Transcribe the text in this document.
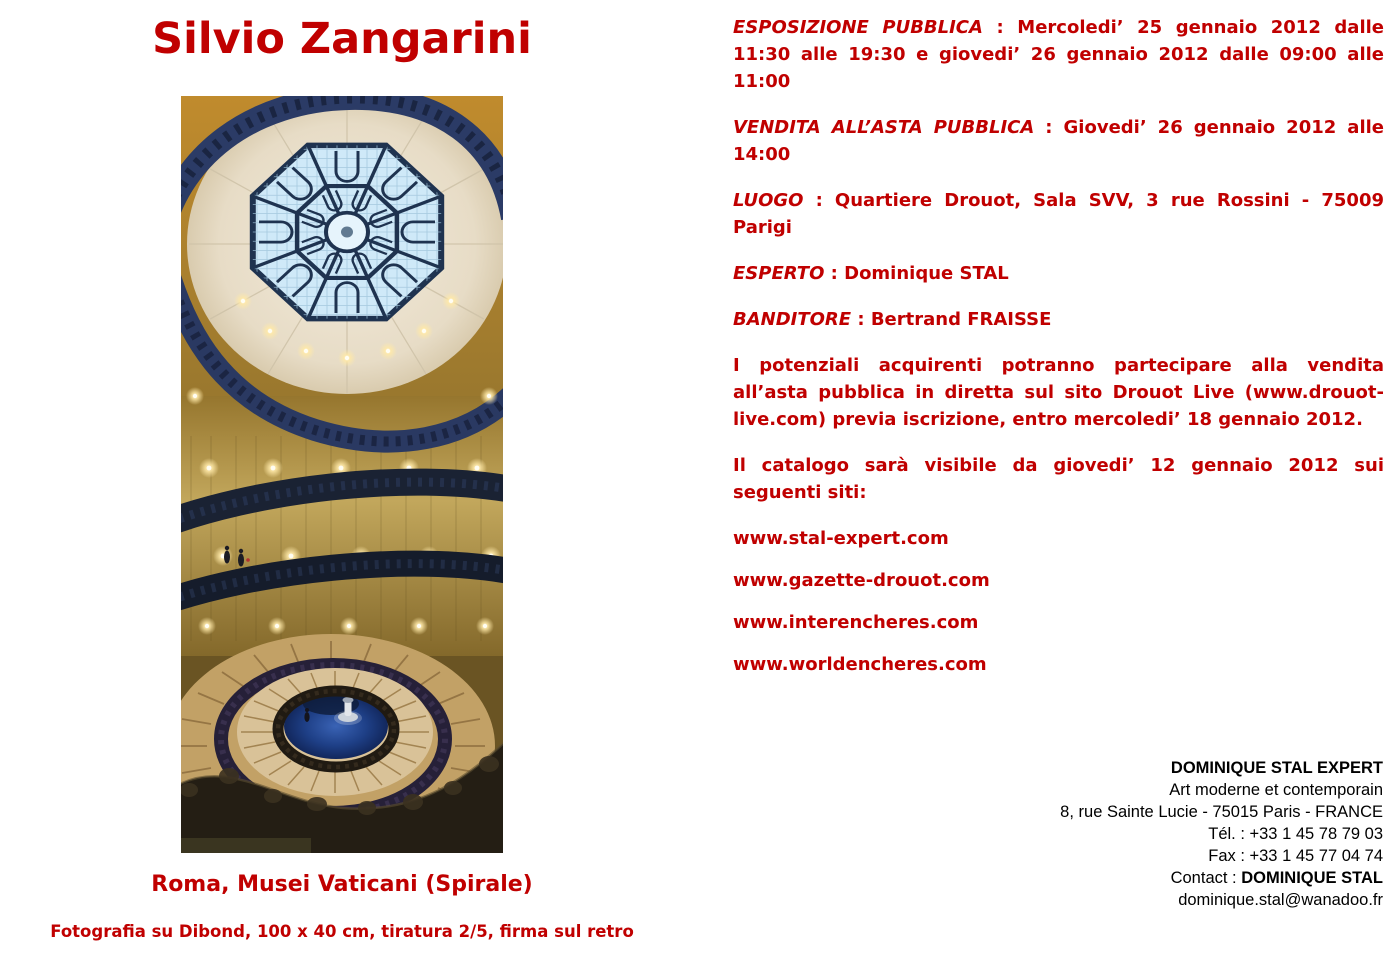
Silvio Zangarini
Roma, Musei Vaticani (Spirale)
Fotografia su Dibond, 100 x 40 cm, tiratura 2/5, firma sul retro

ESPOSIZIONE PUBBLICA : Mercoledi’ 25 gennaio 2012 dalle 11:30 alle 19:30 e giovedi’ 26 gennaio 2012 dalle 09:00 alle 11:00

VENDITA ALL’ASTA PUBBLICA : Giovedi’ 26 gennaio 2012 alle 14:00

LUOGO : Quartiere Drouot, Sala SVV, 3 rue Rossini - 75009 Parigi

ESPERTO : Dominique STAL

BANDITORE : Bertrand FRAISSE

I potenziali acquirenti potranno partecipare alla vendita all’asta pubblica in diretta sul sito Drouot Live (www.drouot-live.com) previa iscrizione, entro mercoledi’ 18 gennaio 2012.

Il catalogo sarà visibile da giovedi’ 12 gennaio 2012 sui seguenti siti:

www.stal-expert.com

www.gazette-drouot.com

www.interencheres.com

www.worldencheres.com

DOMINIQUE STAL EXPERT
Art moderne et contemporain
8, rue Sainte Lucie - 75015 Paris - FRANCE
Tél. : +33 1 45 78 79 03
Fax : +33 1 45 77 04 74
Contact : DOMINIQUE STAL
dominique.stal@wanadoo.fr
